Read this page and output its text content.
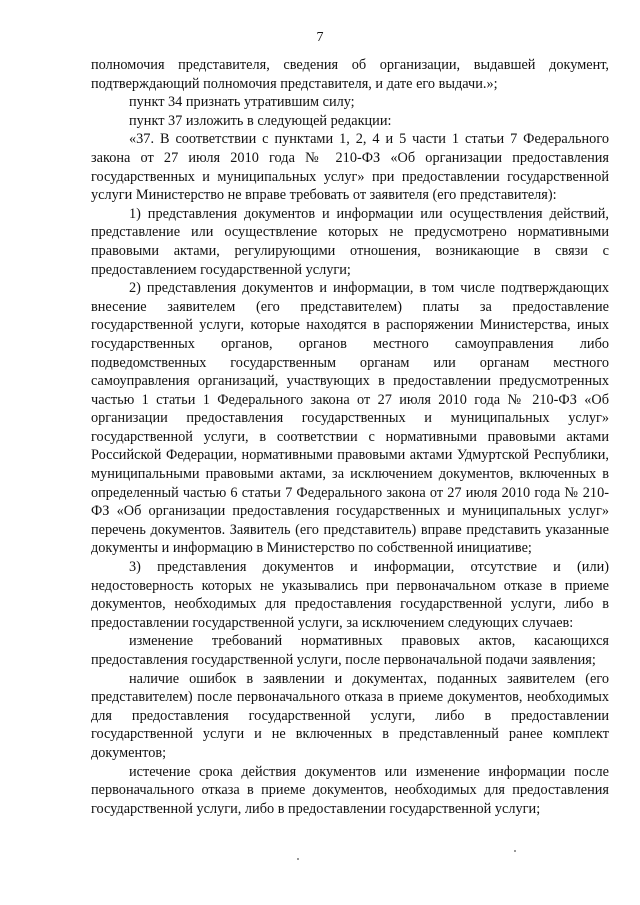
7

полномочия представителя, сведения об организации, выдавшей документ, подтверждающий полномочия представителя, и дате его выдачи.»;

пункт 34 признать утратившим силу;

пункт 37 изложить в следующей редакции:

«37. В соответствии с пунктами 1, 2, 4 и 5 части 1 статьи 7 Федерального закона от 27 июля 2010 года № 210-ФЗ «Об организации предоставления государственных и муниципальных услуг» при предоставлении государственной услуги Министерство не вправе требовать от заявителя (его представителя):

1) представления документов и информации или осуществления действий, представление или осуществление которых не предусмотрено нормативными правовыми актами, регулирующими отношения, возникающие в связи с предоставлением государственной услуги;

2) представления документов и информации, в том числе подтверждающих внесение заявителем (его представителем) платы за предоставление государственной услуги, которые находятся в распоряжении Министерства, иных государственных органов, органов местного самоуправления либо подведомственных государственным органам или органам местного самоуправления организаций, участвующих в предоставлении предусмотренных частью 1 статьи 1 Федерального закона от 27 июля 2010 года № 210-ФЗ «Об организации предоставления государственных и муниципальных услуг» государственной услуги, в соответствии с нормативными правовыми актами Российской Федерации, нормативными правовыми актами Удмуртской Республики, муниципальными правовыми актами, за исключением документов, включенных в определенный частью 6 статьи 7 Федерального закона от 27 июля 2010 года № 210-ФЗ «Об организации предоставления государственных и муниципальных услуг» перечень документов. Заявитель (его представитель) вправе представить указанные документы и информацию в Министерство по собственной инициативе;

3) представления документов и информации, отсутствие и (или) недостоверность которых не указывались при первоначальном отказе в приеме документов, необходимых для предоставления государственной услуги, либо в предоставлении государственной услуги, за исключением следующих случаев:

изменение требований нормативных правовых актов, касающихся предоставления государственной услуги, после первоначальной подачи заявления;

наличие ошибок в заявлении и документах, поданных заявителем (его представителем) после первоначального отказа в приеме документов, необходимых для предоставления государственной услуги, либо в предоставлении государственной услуги и не включенных в представленный ранее комплект документов;

истечение срока действия документов или изменение информации после первоначального отказа в приеме документов, необходимых для предоставления государственной услуги, либо в предоставлении государственной услуги;
